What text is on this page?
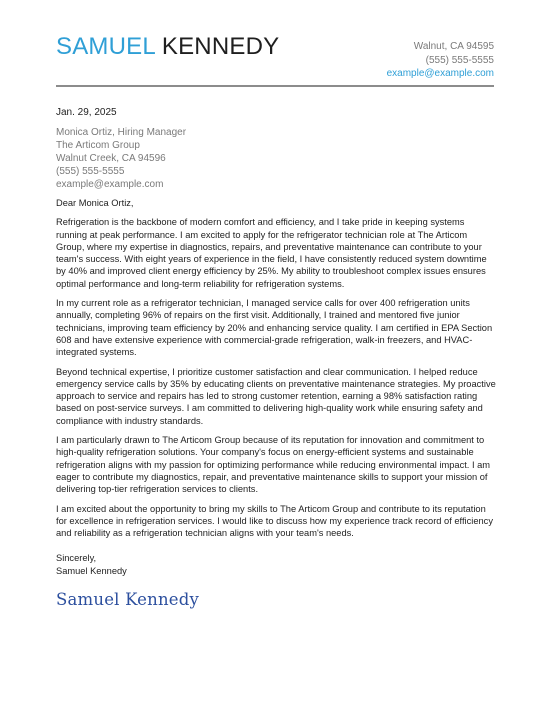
SAMUEL KENNEDY	Walnut, CA 94595
(555) 555-5555
example@example.com
Jan. 29, 2025
Monica Ortiz, Hiring Manager
The Articom Group
Walnut Creek, CA 94596
(555) 555-5555
example@example.com

Dear Monica Ortiz,

Refrigeration is the backbone of modern comfort and efficiency, and I take pride in keeping systems running at peak performance. I am excited to apply for the refrigerator technician role at The Articom Group, where my expertise in diagnostics, repairs, and preventative maintenance can contribute to your team's success. With eight years of experience in the field, I have consistently reduced system downtime by 40% and improved client energy efficiency by 25%. My ability to troubleshoot complex issues ensures optimal performance and long-term reliability for refrigeration systems.

In my current role as a refrigerator technician, I managed service calls for over 400 refrigeration units annually, completing 96% of repairs on the first visit. Additionally, I trained and mentored five junior technicians, improving team efficiency by 20% and enhancing service quality. I am certified in EPA Section 608 and have extensive experience with commercial-grade refrigeration, walk-in freezers, and HVAC-integrated systems.

Beyond technical expertise, I prioritize customer satisfaction and clear communication. I helped reduce emergency service calls by 35% by educating clients on preventative maintenance strategies. My proactive approach to service and repairs has led to strong customer retention, earning a 98% satisfaction rating based on post-service surveys. I am committed to delivering high-quality work while ensuring safety and compliance with industry standards.

I am particularly drawn to The Articom Group because of its reputation for innovation and commitment to high-quality refrigeration solutions. Your company's focus on energy-efficient systems and sustainable refrigeration aligns with my passion for optimizing performance while reducing environmental impact. I am eager to contribute my diagnostics, repair, and preventative maintenance skills to support your mission of delivering top-tier refrigeration services to clients.

I am excited about the opportunity to bring my skills to The Articom Group and contribute to its reputation for excellence in refrigeration services. I would like to discuss how my experience track record of efficiency and reliability as a refrigeration technician aligns with your team's needs.

Sincerely,
Samuel Kennedy
Samuel Kennedy
